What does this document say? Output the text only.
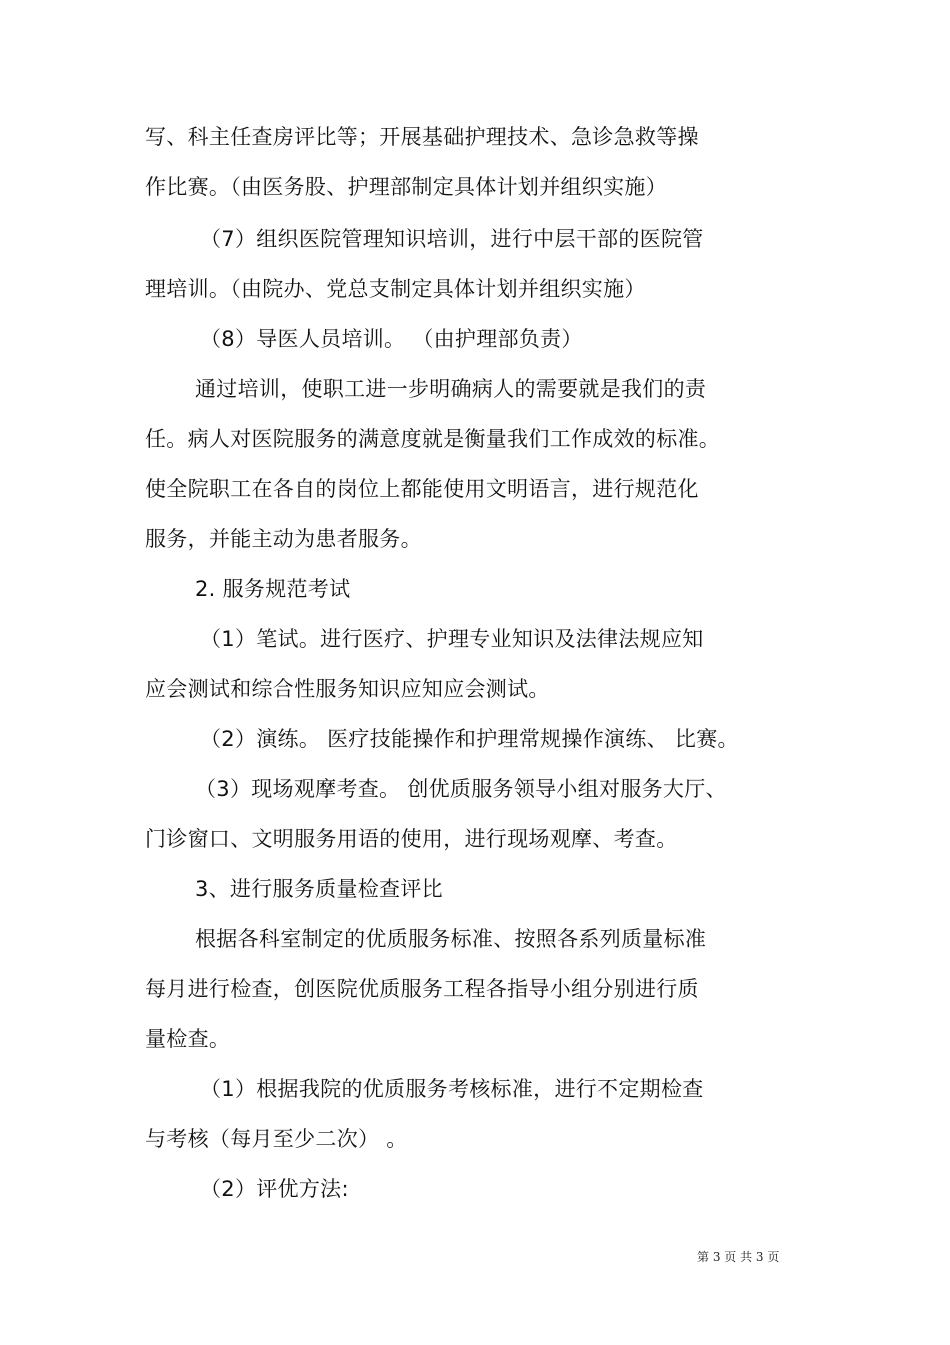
写、科主任查房评比等；开展基础护理技术、急诊急救等操
作比赛。（由医务股、护理部制定具体计划并组织实施）
（7）组织医院管理知识培训，进行中层干部的医院管
理培训。（由院办、党总支制定具体计划并组织实施）
（8）导医人员培训。 （由护理部负责）
通过培训，使职工进一步明确病人的需要就是我们的责
任。病人对医院服务的满意度就是衡量我们工作成效的标准。
使全院职工在各自的岗位上都能使用文明语言，进行规范化
服务，并能主动为患者服务。
2. 服务规范考试
（1）笔试。进行医疗、护理专业知识及法律法规应知
应会测试和综合性服务知识应知应会测试。
（2）演练。 医疗技能操作和护理常规操作演练、 比赛。
（3）现场观摩考查。 创优质服务领导小组对服务大厅、
门诊窗口、文明服务用语的使用，进行现场观摩、考查。
3、进行服务质量检查评比
根据各科室制定的优质服务标准、按照各系列质量标准
每月进行检查，创医院优质服务工程各指导小组分别进行质
量检查。
（1）根据我院的优质服务考核标准，进行不定期检查
与考核（每月至少二次） 。
（2）评优方法:
第 3 页 共 3 页
